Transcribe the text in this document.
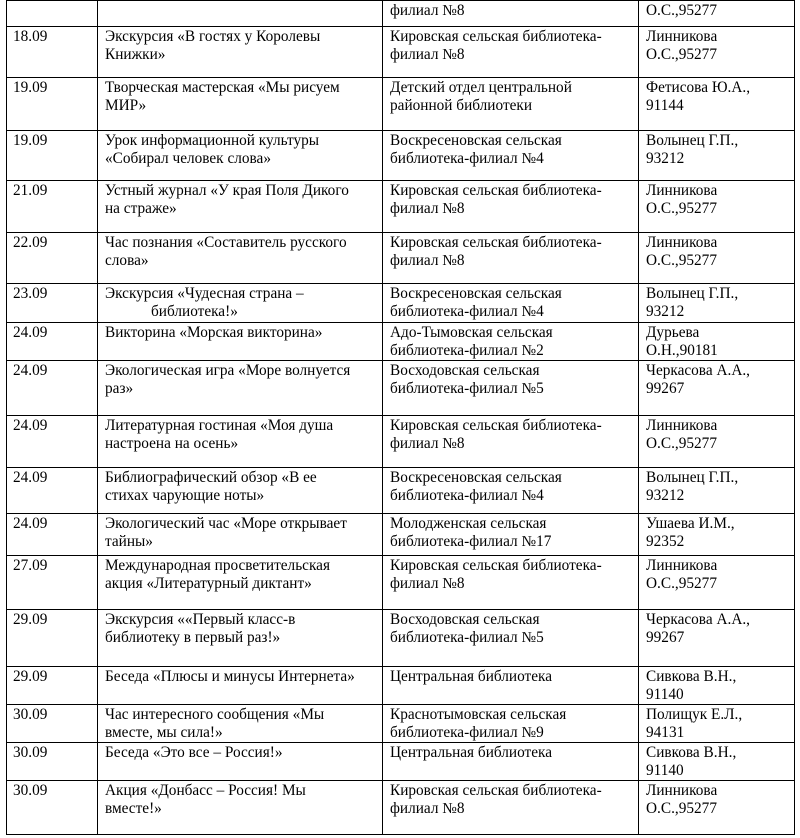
		филиал №8	О.С.,95277
18.09	Экскурсия «В гостях у Королевы
Книжки»	Кировская сельская библиотека-
филиал №8	Линникова
О.С.,95277
19.09	Творческая мастерская «Мы рисуем
МИР»	Детский отдел центральной
районной библиотеки	Фетисова Ю.А.,
91144
19.09	Урок информационной культуры
«Собирал человек слова»	Воскресеновская сельская
библиотека-филиал №4	Волынец Г.П.,
93212
21.09	Устный журнал «У края Поля Дикого
на страже»	Кировская сельская библиотека-
филиал №8	Линникова
О.С.,95277
22.09	Час познания «Составитель русского
слова»	Кировская сельская библиотека-
филиал №8	Линникова
О.С.,95277
23.09	Экскурсия «Чудесная страна –
библиотека!»	Воскресеновская сельская
библиотека-филиал №4	Волынец Г.П.,
93212
24.09	Викторина «Морская викторина»	Адо-Тымовская сельская
библиотека-филиал №2	Дурьева
О.Н.,90181
24.09	Экологическая игра «Море волнуется
раз»	Восходовская сельская
библиотека-филиал №5	Черкасова А.А.,
99267
24.09	Литературная гостиная «Моя душа
настроена на осень»	Кировская сельская библиотека-
филиал №8	Линникова
О.С.,95277
24.09	Библиографический обзор «В ее
стихах чарующие ноты»	Воскресеновская сельская
библиотека-филиал №4	Волынец Г.П.,
93212
24.09	Экологический час «Море открывает
тайны»	Молодженская сельская
библиотека-филиал №17	Ушаева И.М.,
92352
27.09	Международная просветительская
акция «Литературный диктант»	Кировская сельская библиотека-
филиал №8	Линникова
О.С.,95277
29.09	Экскурсия ««Первый класс-в
библиотеку в первый раз!»	Восходовская сельская
библиотека-филиал №5	Черкасова А.А.,
99267
29.09	Беседа «Плюсы и минусы Интернета»	Центральная библиотека	Сивкова В.Н.,
91140
30.09	Час интересного сообщения «Мы
вместе, мы сила!»	Краснотымовская сельская
библиотека-филиал №9	Полищук Е.Л.,
94131
30.09	Беседа «Это все – Россия!»	Центральная библиотека	Сивкова В.Н.,
91140
30.09	Акция «Донбасс – Россия! Мы
вместе!»	Кировская сельская библиотека-
филиал №8	Линникова
О.С.,95277
